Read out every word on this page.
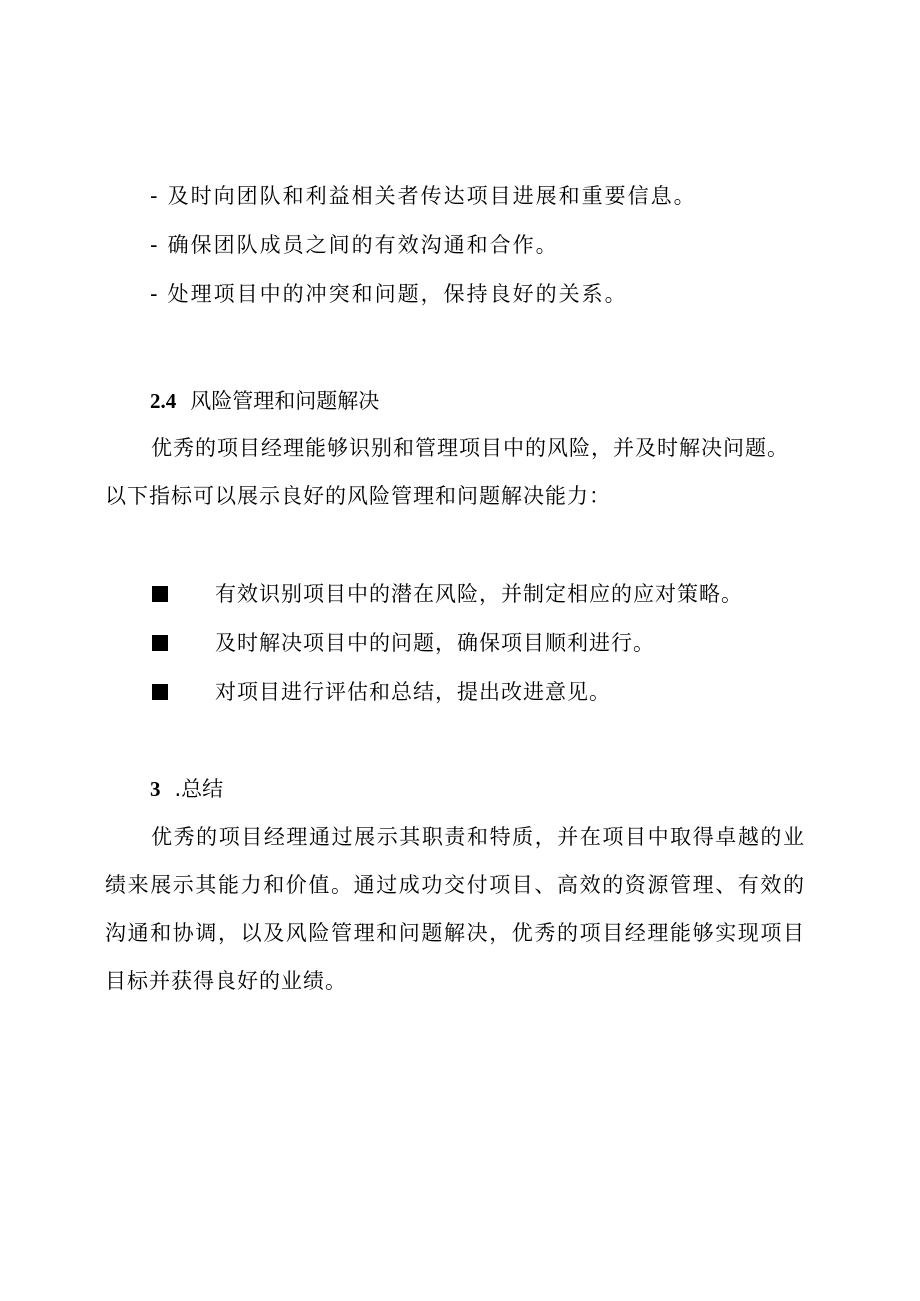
- 及时向团队和利益相关者传达项目进展和重要信息。
- 确保团队成员之间的有效沟通和合作。
- 处理项目中的冲突和问题，保持良好的关系。
2.4 风险管理和问题解决
优秀的项目经理能够识别和管理项目中的风险，并及时解决问题。以下指标可以展示良好的风险管理和问题解决能力：
有效识别项目中的潜在风险，并制定相应的应对策略。
及时解决项目中的问题，确保项目顺利进行。
对项目进行评估和总结，提出改进意见。
3 .总结
优秀的项目经理通过展示其职责和特质，并在项目中取得卓越的业绩来展示其能力和价值。通过成功交付项目、高效的资源管理、有效的沟通和协调，以及风险管理和问题解决，优秀的项目经理能够实现项目目标并获得良好的业绩。
